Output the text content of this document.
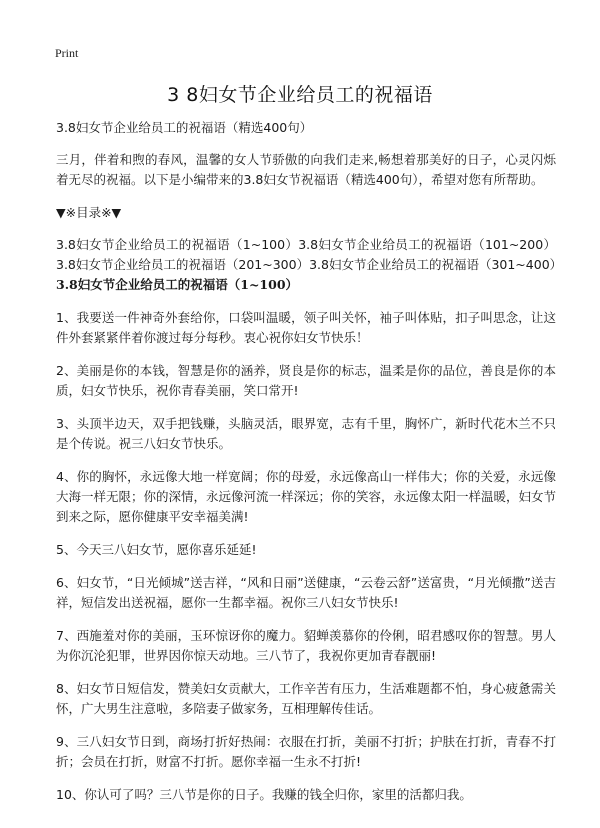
Print
3 8妇女节企业给员工的祝福语

3.8妇女节企业给员工的祝福语（精选400句）

三月，伴着和煦的春风，温馨的女人节骄傲的向我们走来,畅想着那美好的日子，心灵闪烁着无尽的祝福。以下是小编带来的3.8妇女节祝福语（精选400句），希望对您有所帮助。

▼※目录※▼

3.8妇女节企业给员工的祝福语（1~100）3.8妇女节企业给员工的祝福语（101~200）3.8妇女节企业给员工的祝福语（201~300）3.8妇女节企业给员工的祝福语（301~400）3.8妇女节企业给员工的祝福语（1~100）

1、我要送一件神奇外套给你，口袋叫温暖，领子叫关怀，袖子叫体贴，扣子叫思念，让这件外套紧紧伴着你渡过每分每秒。衷心祝你妇女节快乐！

2、美丽是你的本钱，智慧是你的涵养，贤良是你的标志，温柔是你的品位，善良是你的本质，妇女节快乐，祝你青春美丽，笑口常开!

3、头顶半边天，双手把钱赚，头脑灵活，眼界宽，志有千里，胸怀广，新时代花木兰不只是个传说。祝三八妇女节快乐。

4、你的胸怀，永远像大地一样宽阔；你的母爱，永远像高山一样伟大；你的关爱，永远像大海一样无限；你的深情，永远像河流一样深远；你的笑容，永远像太阳一样温暖，妇女节到来之际，愿你健康平安幸福美满!

5、今天三八妇女节，愿你喜乐延延!

6、妇女节，“日光倾城”送吉祥，“风和日丽”送健康，“云卷云舒”送富贵，“月光倾撒”送吉祥，短信发出送祝福，愿你一生都幸福。祝你三八妇女节快乐!

7、西施羞对你的美丽，玉环惊讶你的魔力。貂蝉羡慕你的伶俐，昭君感叹你的智慧。男人为你沉沦犯罪，世界因你惊天动地。三八节了，我祝你更加青春靓丽!

8、妇女节日短信发，赞美妇女贡献大，工作辛苦有压力，生活难题都不怕，身心疲惫需关怀，广大男生注意啦，多陪妻子做家务，互相理解传佳话。

9、三八妇女节日到，商场打折好热闹：衣服在打折，美丽不打折；护肤在打折，青春不打折；会员在打折，财富不打折。愿你幸福一生永不打折!

10、你认可了吗？三八节是你的日子。我赚的钱全归你，家里的活都归我。
